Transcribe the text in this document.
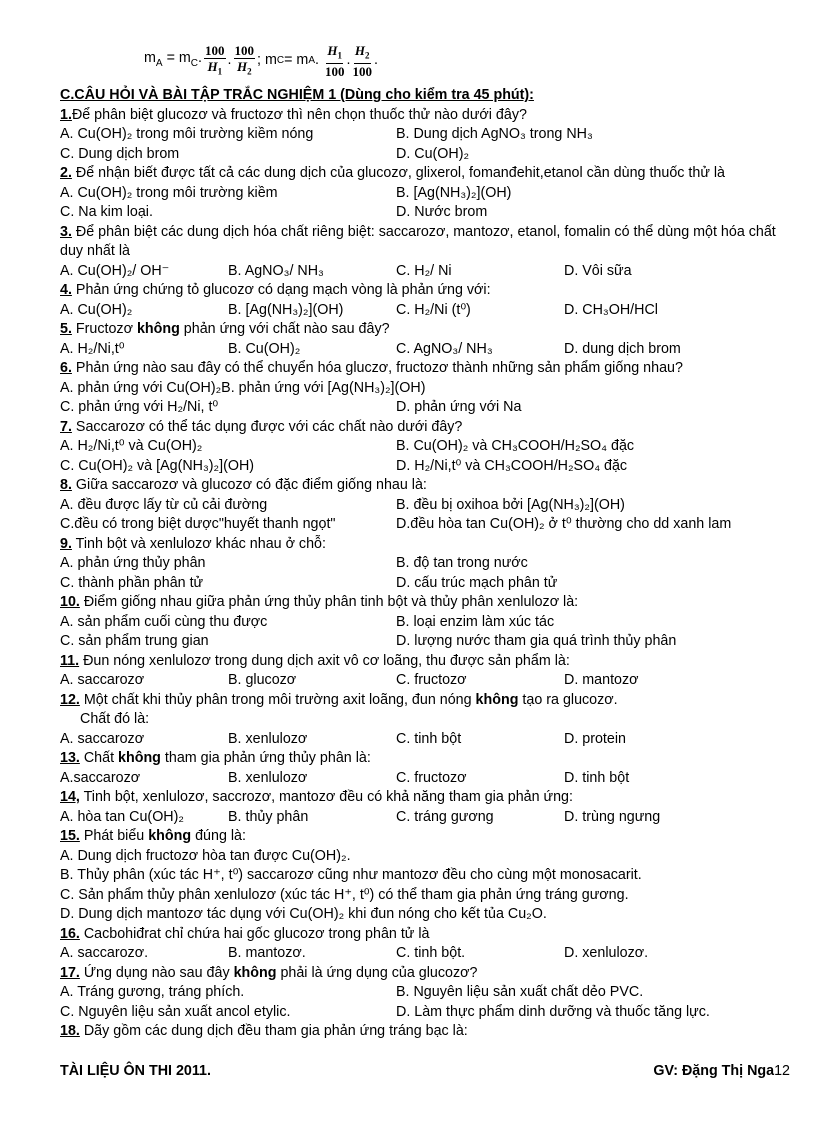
$m_A = m_C$. $\frac{100}{H_1}$ . $\frac{100}{H_2}$ ; m C = m A . $\frac{H_1}{100}$ . $\frac{H_2}{100}$ .
C.CÂU HỎI VÀ BÀI TẬP TRẮC NGHIỆM 1 (Dùng cho kiểm tra 45 phút):
1.Để phân biệt glucozơ và fructozơ thì nên chọn thuốc thử nào dưới đây?
A. Cu(OH)₂ trong môi trường kiềm nóng	B. Dung dịch AgNO₃ trong NH₃
C. Dung dịch brom	D. Cu(OH)₂
2. Để nhận biết được tất cả các dung dịch của glucozơ, glixerol, fomanđehit,etanol cần dùng thuốc thử là
A. Cu(OH)₂ trong môi trường kiềm	B. [Ag(NH₃)₂](OH)
C. Na kim loại.	D. Nước brom
3. Để phân biệt các dung dịch hóa chất riêng biệt: saccarozơ, mantozơ, etanol, fomalin có thể dùng một hóa chất duy nhất là
A. Cu(OH)₂/ OH⁻	B. AgNO₃/ NH₃	C. H₂/ Ni	D. Vôi sữa
4. Phản ứng chứng tỏ glucozơ có dạng mạch vòng là phản ứng với:
A. Cu(OH)₂	B. [Ag(NH₃)₂](OH)	C. H₂/Ni (t⁰)	D. CH₃OH/HCl
5. Fructozơ không phản ứng với chất nào sau đây?
A. H₂/Ni,t⁰	B. Cu(OH)₂	C. AgNO₃/ NH₃	D. dung dịch brom
6. Phản ứng nào sau đây có thể chuyển hóa gluczơ, fructozơ thành những sản phẩm giống nhau?
A. phản ứng với Cu(OH)₂B. phản ứng với [Ag(NH₃)₂](OH)
C. phản ứng với H₂/Ni, t⁰	D. phản ứng với Na
7. Saccarozơ có thể tác dụng được với các chất nào dưới đây?
A. H₂/Ni,t⁰ và Cu(OH)₂	B. Cu(OH)₂ và CH₃COOH/H₂SO₄ đặc
C. Cu(OH)₂ và [Ag(NH₃)₂](OH)	D. H₂/Ni,t⁰ và CH₃COOH/H₂SO₄ đặc
8. Giữa saccarozơ và glucozơ có đặc điểm giống nhau là:
A. đều được lấy từ củ cải đường	B. đều bị oxihoa bởi [Ag(NH₃)₂](OH)
C.đều có trong biệt dược"huyết thanh ngọt"	D.đều hòa tan Cu(OH)₂ ở t⁰ thường cho dd xanh lam
9. Tinh bột và xenlulozơ khác nhau ở chỗ:
A. phản ứng thủy phân	B. độ tan trong nước
C. thành phần phân tử	D. cấu trúc mạch phân tử
10. Điểm giống nhau giữa phản ứng thủy phân tinh bột và thủy phân xenlulozơ là:
A. sản phẩm cuối cùng thu được	B. loại enzim làm xúc tác
C. sản phẩm trung gian	D. lượng nước tham gia quá trình thủy phân
11. Đun nóng xenlulozơ trong dung dịch axit vô cơ loãng, thu được sản phẩm là:
A. saccarozơ	B. glucozơ	C. fructozơ	D. mantozơ
12. Một chất khi thủy phân trong môi trường axit loãng, đun nóng không tạo ra glucozơ.
Chất đó là:
A. saccarozơ	B. xenlulozơ	C. tinh bột	D. protein
13. Chất không tham gia phản ứng thủy phân là:
A.saccarozơ	B. xenlulozơ	C. fructozơ	D. tinh bột
14, Tinh bột, xenlulozơ, saccrozơ, mantozơ đều có khả năng tham gia phản ứng:
A. hòa tan Cu(OH)₂	B. thủy phân	C. tráng gương	D. trùng ngưng
15. Phát biểu không đúng là:
A. Dung dịch fructozơ hòa tan được Cu(OH)₂.
B. Thủy phân (xúc tác H⁺, t⁰) saccarozơ cũng như mantozơ đều cho cùng một monosacarit.
C. Sản phẩm thủy phân xenlulozơ (xúc tác H⁺, t⁰) có thể tham gia phản ứng tráng gương.
D. Dung dịch mantozơ tác dụng với Cu(OH)₂ khi đun nóng cho kết tủa Cu₂O.
16. Cacbohiđrat chỉ chứa hai gốc glucozơ trong phân tử là
A. saccarozơ.	B. mantozơ.	C. tinh bột.	D. xenlulozơ.
17. Ứng dụng nào sau đây không phải là ứng dụng của glucozơ?
A. Tráng gương, tráng phích.	B. Nguyên liệu sản xuất chất dẻo PVC.
C. Nguyên liệu sản xuất ancol etylic.	D. Làm thực phẩm dinh dưỡng và thuốc tăng lực.
18. Dãy gồm các dung dịch đều tham gia phản ứng tráng bạc là:
TÀI LIỆU ÔN THI 2011.	GV: Đặng Thị Nga12
